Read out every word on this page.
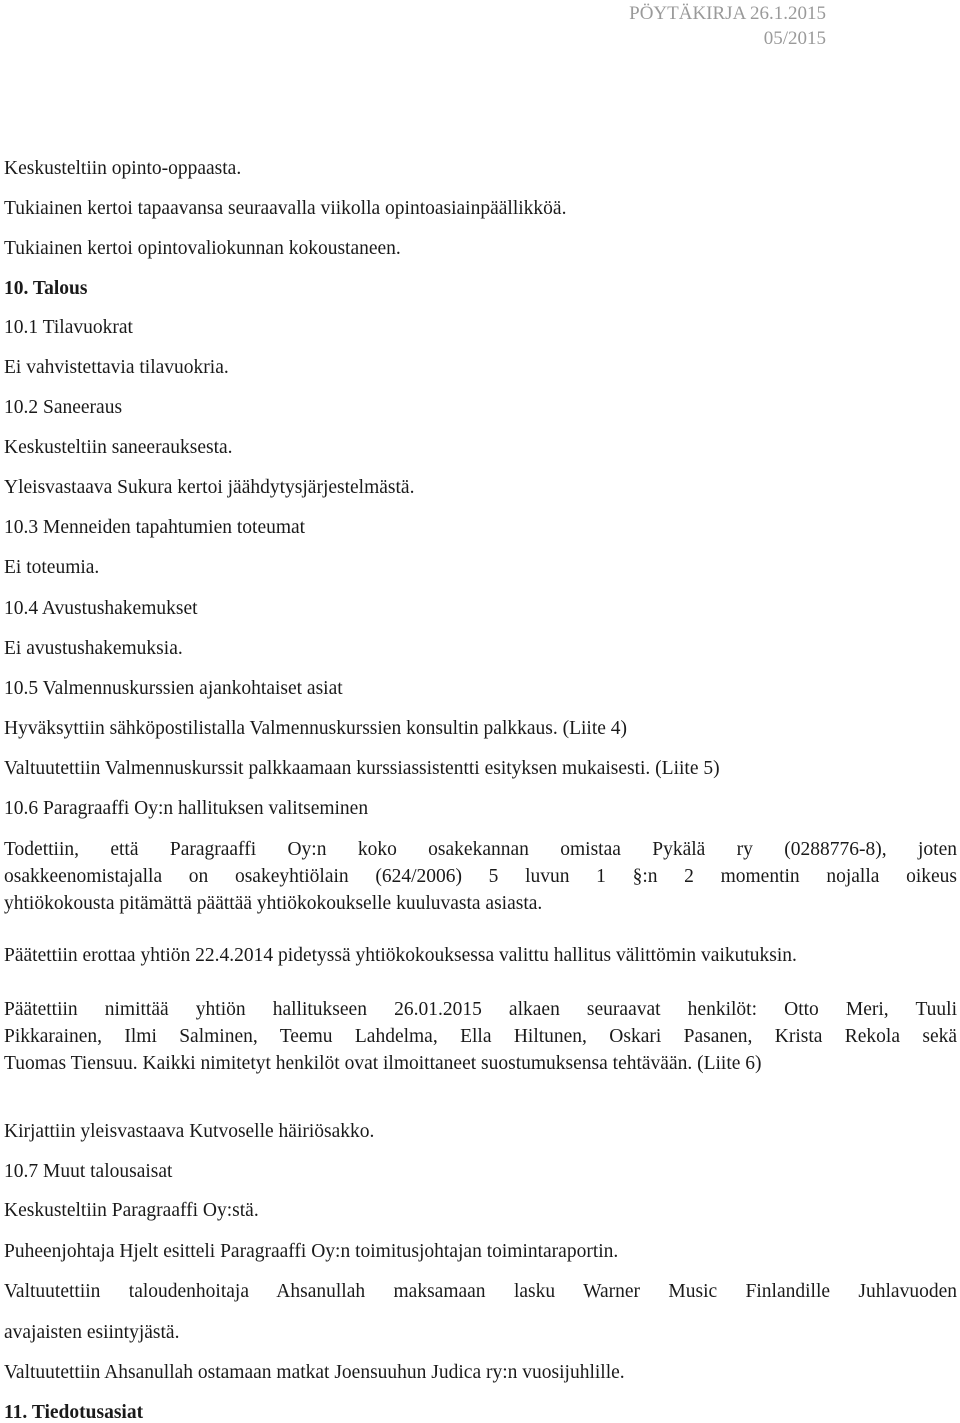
PÖYTÄKIRJA 26.1.2015
05/2015

Keskusteltiin opinto-oppaasta.

Tukiainen kertoi tapaavansa seuraavalla viikolla opintoasiainpäällikköä.

Tukiainen kertoi opintovaliokunnan kokoustaneen.

10. Talous

10.1 Tilavuokrat

Ei vahvistettavia tilavuokria.

10.2 Saneeraus

Keskusteltiin saneerauksesta.

Yleisvastaava Sukura kertoi jäähdytysjärjestelmästä.

10.3 Menneiden tapahtumien toteumat

Ei toteumia.

10.4 Avustushakemukset

Ei avustushakemuksia.

10.5 Valmennuskurssien ajankohtaiset asiat

Hyväksyttiin sähköpostilistalla Valmennuskurssien konsultin palkkaus. (Liite 4)

Valtuutettiin Valmennuskurssit palkkaamaan kurssiassistentti esityksen mukaisesti. (Liite 5)

10.6 Paragraaffi Oy:n hallituksen valitseminen

Todettiin, että Paragraaffi Oy:n koko osakekannan omistaa Pykälä ry (0288776-8), joten

osakkeenomistajalla on osakeyhtiölain (624/2006) 5 luvun 1 §:n 2 momentin nojalla oikeus

yhtiökokousta pitämättä päättää yhtiökokoukselle kuuluvasta asiasta.

Päätettiin erottaa yhtiön 22.4.2014 pidetyssä yhtiökokouksessa valittu hallitus välittömin vaikutuksin.

Päätettiin nimittää yhtiön hallitukseen 26.01.2015 alkaen seuraavat henkilöt: Otto Meri, Tuuli

Pikkarainen, Ilmi Salminen, Teemu Lahdelma, Ella Hiltunen, Oskari Pasanen, Krista Rekola sekä

Tuomas Tiensuu. Kaikki nimitetyt henkilöt ovat ilmoittaneet suostumuksensa tehtävään. (Liite 6)

Kirjattiin yleisvastaava Kutvoselle häiriösakko.

10.7 Muut talousaisat

Keskusteltiin Paragraaffi Oy:stä.

Puheenjohtaja Hjelt esitteli Paragraaffi Oy:n toimitusjohtajan toimintaraportin.

Valtuutettiin taloudenhoitaja Ahsanullah maksamaan lasku Warner Music Finlandille Juhlavuoden

avajaisten esiintyjästä.

Valtuutettiin Ahsanullah ostamaan matkat Joensuuhun Judica ry:n vuosijuhlille.

11. Tiedotusasiat
